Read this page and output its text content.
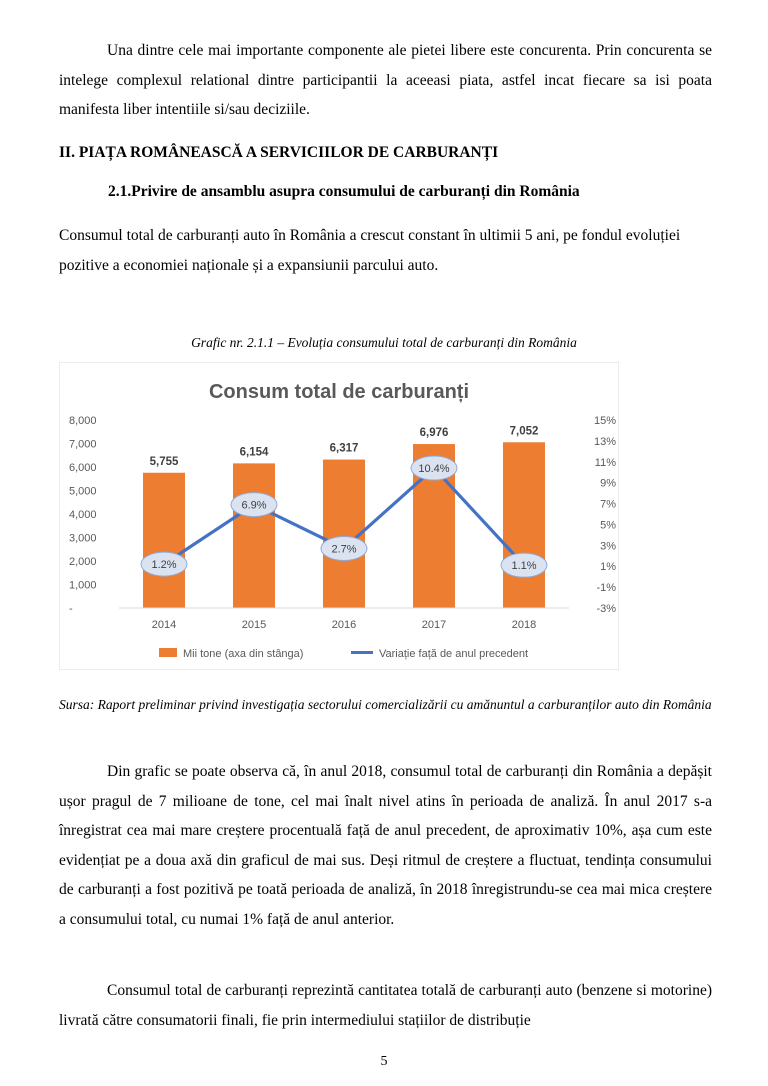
Una dintre cele mai importante componente ale pietei libere este concurenta. Prin concurenta se intelege complexul relational dintre participantii la aceeasi piata, astfel incat fiecare sa isi poata manifesta liber intentiile si/sau deciziile.

II. PIAȚA ROMÂNEASCĂ A SERVICIILOR DE CARBURANȚI

2.1.Privire de ansamblu asupra consumului de carburanți din România

Consumul total de carburanți auto în România a crescut constant în ultimii 5 ani, pe fondul evoluției pozitive a economiei naționale și a expansiunii parcului auto.

Grafic nr. 2.1.1 – Evoluția consumului total de carburanți din România

Consum total de carburanți
-
1,000
2,000
3,000
4,000
5,000
6,000
7,000
8,000
-3%
-1%
1%
3%
5%
7%
9%
11%
13%
15%
5,755
6,154	6,317
6,976	7,052
1.2%
6.9%
2.7%
10.4%
1.1%
2014	2015	2016	2017	2018
Mii tone (axa din stânga)	Variație față de anul precedent

Sursa: Raport preliminar privind investigația sectorului comercializării cu amănuntul a carburanților auto din România

Din grafic se poate observa că, în anul 2018, consumul total de carburanți din România a depășit ușor pragul de 7 milioane de tone, cel mai înalt nivel atins în perioada de analiză. În anul 2017 s-a înregistrat cea mai mare creștere procentuală față de anul precedent, de aproximativ 10%, așa cum este evidențiat pe a doua axă din graficul de mai sus. Deși ritmul de creștere a fluctuat, tendința consumului de carburanți a fost pozitivă pe toată perioada de analiză, în 2018 înregistrundu-se cea mai mica creștere a consumului total, cu numai 1% față de anul anterior.

Consumul total de carburanți reprezintă cantitatea totală de carburanți auto (benzene si motorine) livrată către consumatorii finali, fie prin intermediului stațiilor de distribuție

5
